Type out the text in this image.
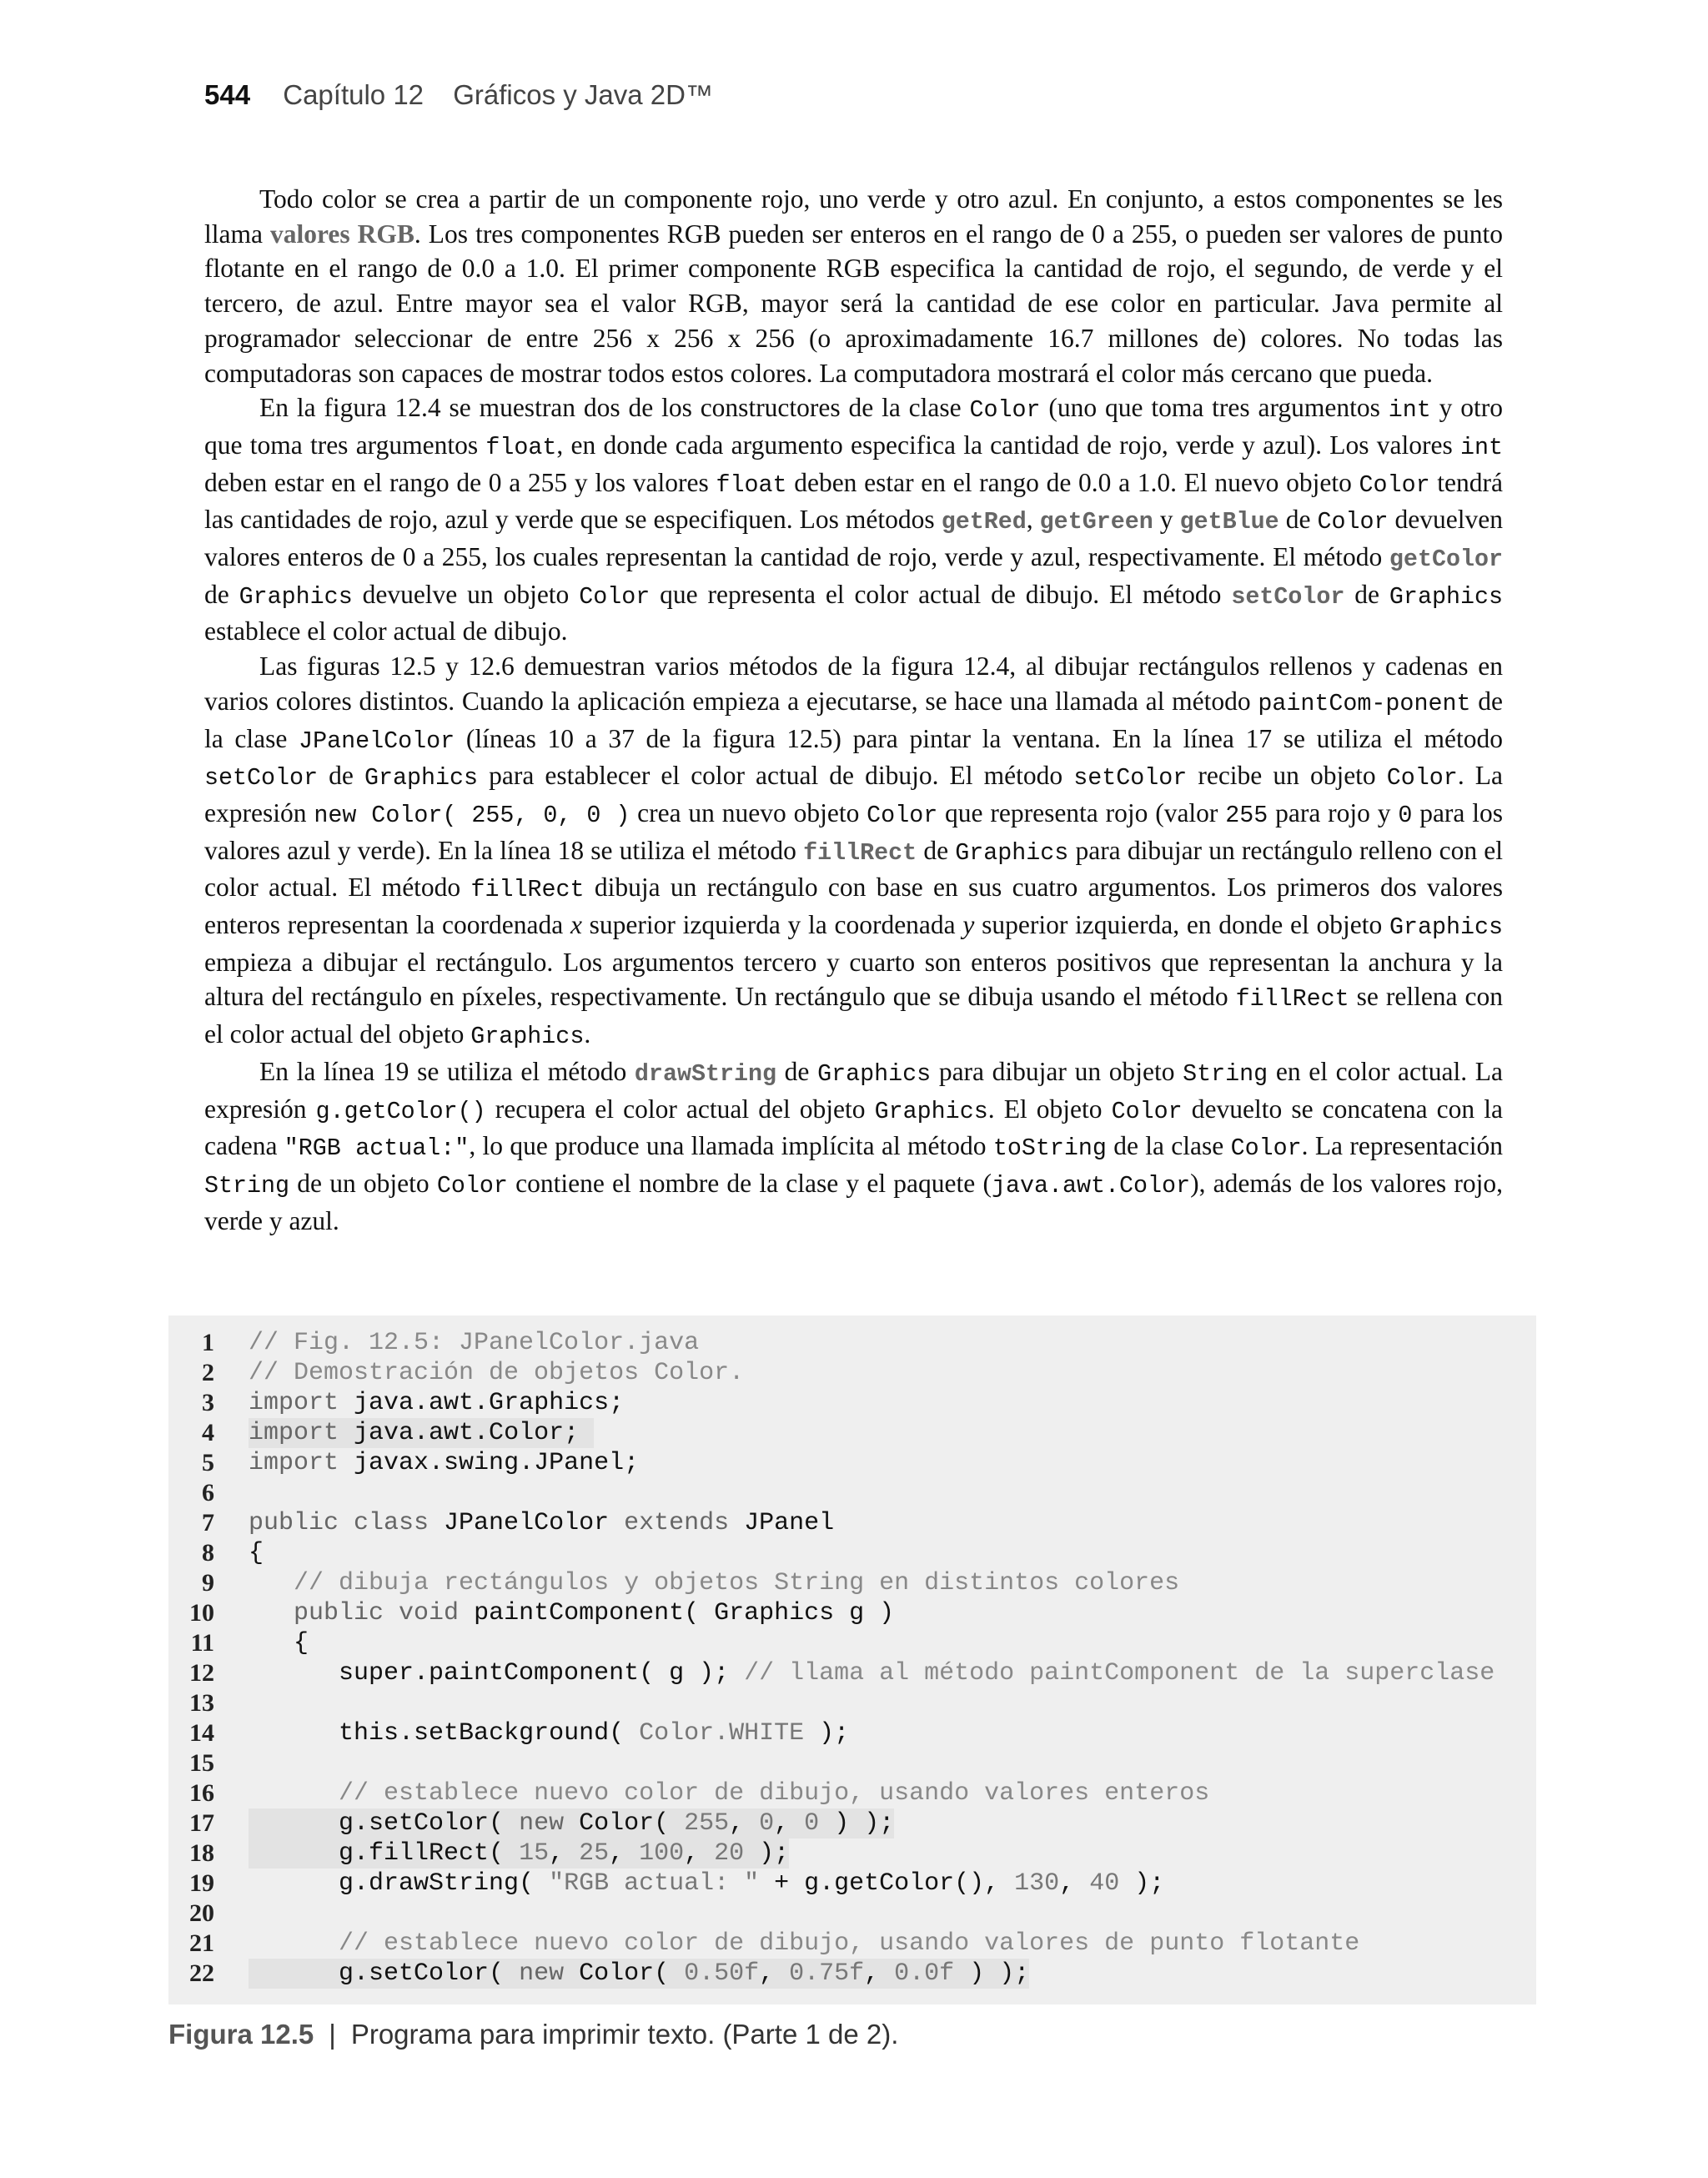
544 Capítulo 12 Gráficos y Java 2D™

Todo color se crea a partir de un componente rojo, uno verde y otro azul. En conjunto, a estos componentes se les llama valores RGB. Los tres componentes RGB pueden ser enteros en el rango de 0 a 255, o pueden ser valores de punto flotante en el rango de 0.0 a 1.0. El primer componente RGB especifica la cantidad de rojo, el segundo, de verde y el tercero, de azul. Entre mayor sea el valor RGB, mayor será la cantidad de ese color en particular. Java permite al programador seleccionar de entre 256 x 256 x 256 (o aproximadamente 16.7 millones de) colores. No todas las computadoras son capaces de mostrar todos estos colores. La computadora mostrará el color más cercano que pueda.

En la figura 12.4 se muestran dos de los constructores de la clase Color (uno que toma tres argumentos int y otro que toma tres argumentos float, en donde cada argumento especifica la cantidad de rojo, verde y azul). Los valores int deben estar en el rango de 0 a 255 y los valores float deben estar en el rango de 0.0 a 1.0. El nuevo objeto Color tendrá las cantidades de rojo, azul y verde que se especifiquen. Los métodos getRed, getGreen y getBlue de Color devuelven valores enteros de 0 a 255, los cuales representan la cantidad de rojo, verde y azul, respectivamente. El método getColor de Graphics devuelve un objeto Color que representa el color actual de dibujo. El método setColor de Graphics establece el color actual de dibujo.

Las figuras 12.5 y 12.6 demuestran varios métodos de la figura 12.4, al dibujar rectángulos rellenos y cadenas en varios colores distintos. Cuando la aplicación empieza a ejecutarse, se hace una llamada al método paintCom-ponent de la clase JPanelColor (líneas 10 a 37 de la figura 12.5) para pintar la ventana. En la línea 17 se utiliza el método setColor de Graphics para establecer el color actual de dibujo. El método setColor recibe un objeto Color. La expresión new Color( 255, 0, 0 ) crea un nuevo objeto Color que representa rojo (valor 255 para rojo y 0 para los valores azul y verde). En la línea 18 se utiliza el método fillRect de Graphics para dibujar un rectángulo relleno con el color actual. El método fillRect dibuja un rectángulo con base en sus cuatro argumentos. Los primeros dos valores enteros representan la coordenada x superior izquierda y la coordenada y superior izquierda, en donde el objeto Graphics empieza a dibujar el rectángulo. Los argumentos tercero y cuarto son enteros positivos que representan la anchura y la altura del rectángulo en píxeles, respectivamente. Un rectángulo que se dibuja usando el método fillRect se rellena con el color actual del objeto Graphics.

En la línea 19 se utiliza el método drawString de Graphics para dibujar un objeto String en el color actual. La expresión g.getColor() recupera el color actual del objeto Graphics. El objeto Color devuelto se concatena con la cadena "RGB actual:", lo que produce una llamada implícita al método toString de la clase Color. La representación String de un objeto Color contiene el nombre de la clase y el paquete (java.awt.Color), además de los valores rojo, verde y azul.

1 // Fig. 12.5: JPanelColor.java
2 // Demostración de objetos Color.
3 import java.awt.Graphics;
4 import java.awt.Color;
5 import javax.swing.JPanel;
6
7 public class JPanelColor extends JPanel
8 {
9	// dibuja rectángulos y objetos String en distintos colores
10	public void paintComponent( Graphics g )
11 {
12 super.paintComponent( g ); // llama al método paintComponent de la superclase
13
14	this.setBackground( Color.WHITE );
15
16	// establece nuevo color de dibujo, usando valores enteros
17 g.setColor( new Color( 255, 0, 0 ) );
18 g.fillRect( 15, 25, 100, 20 );
19 g.drawString( "RGB actual: " + g.getColor(), 130, 40 );
20
21	// establece nuevo color de dibujo, usando valores de punto flotante
22 g.setColor( new Color( 0.50f, 0.75f, 0.0f ) );
Figura 12.5 | Programa para imprimir texto. (Parte 1 de 2).
